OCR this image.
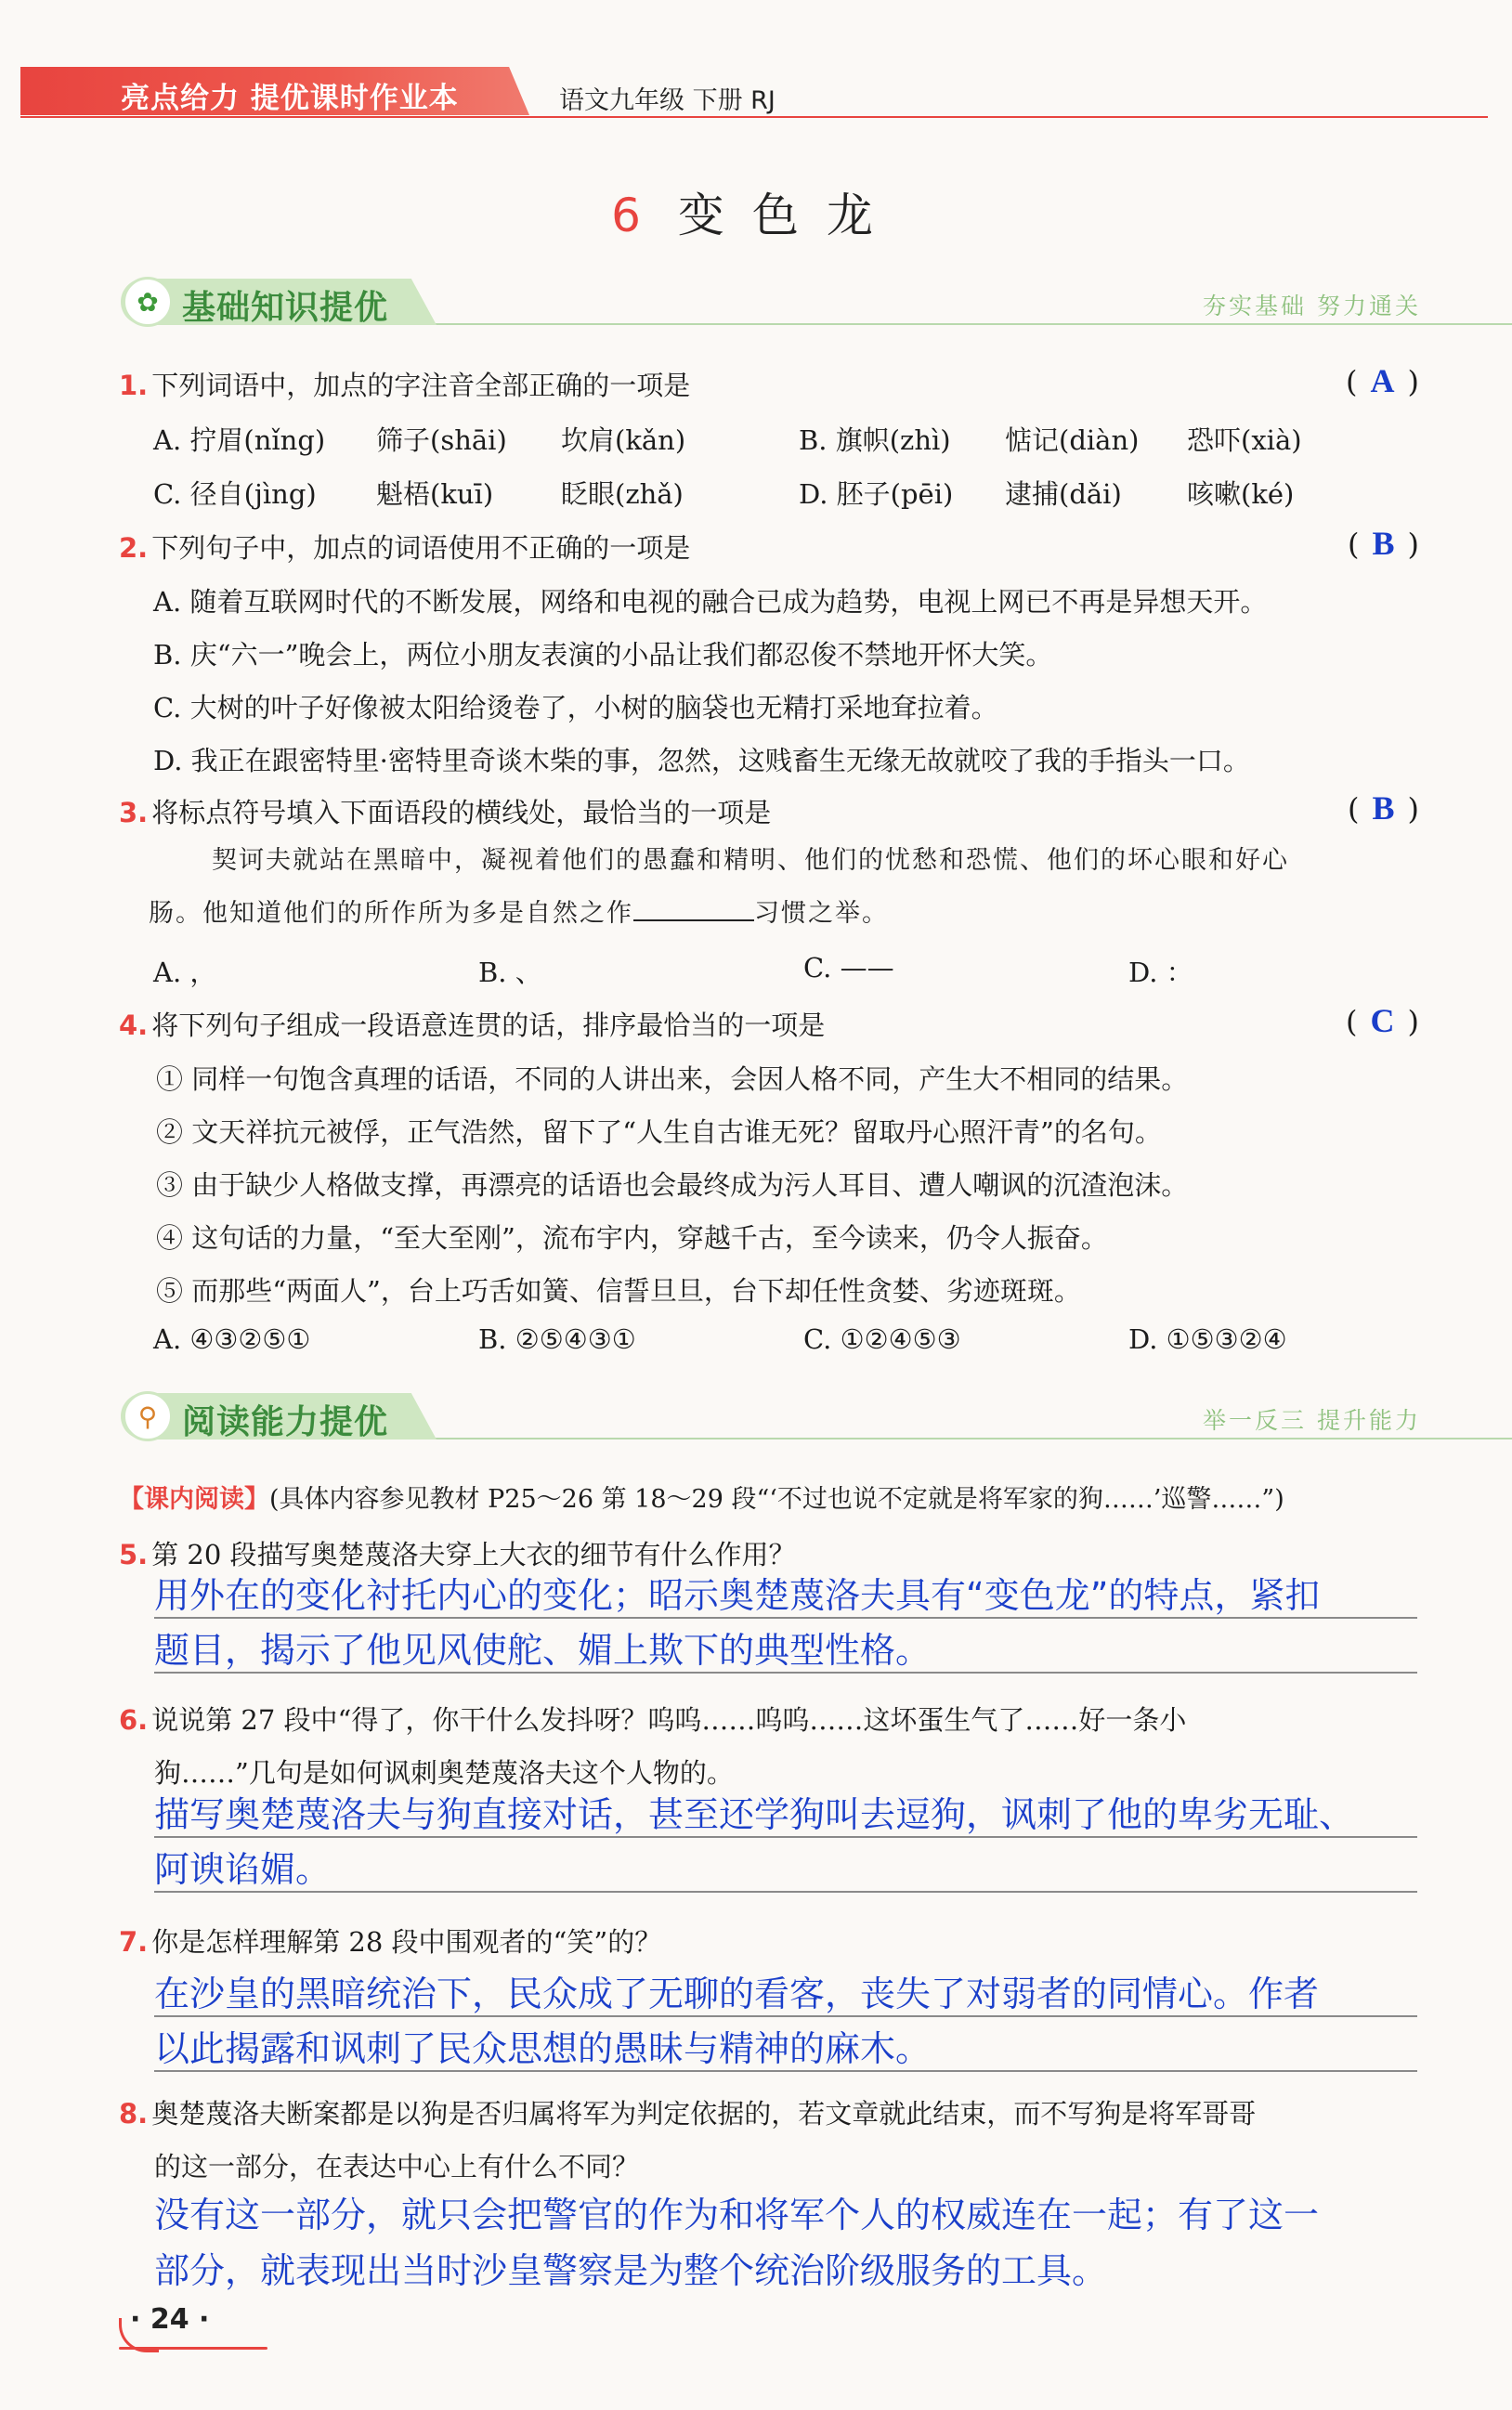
亮点给力 提优课时作业本	语文九年级 下册 RJ
6 变色龙
✿ 基础知识提优	夯实基础 努力通关
1. 下列词语中，加点的字注音全部正确的一项是	( A )
A. 拧眉(nǐng) 筛子(shāi) 坎肩(kǎn)	B. 旗帜(zhì) 惦记(diàn) 恐吓(xià)
C. 径自(jìng) 魁梧(kuī)	眨眼(zhǎ)	D. 胚子(pēi) 逮捕(dǎi) 咳嗽(ké)
2. 下列句子中，加点的词语使用不正确的一项是	( B )
A. 随着互联网时代的不断发展，网络和电视的融合已成为趋势，电视上网已不再是异想天开。
B. 庆“六一”晚会上，两位小朋友表演的小品让我们都忍俊不禁地开怀大笑。
C. 大树的叶子好像被太阳给烫卷了，小树的脑袋也无精打采地耷拉着。
D. 我正在跟密特里·密特里奇谈木柴的事，忽然，这贱畜生无缘无故就咬了我的手指头一口。
3. 将标点符号填入下面语段的横线处，最恰当的一项是	( B )
契诃夫就站在黑暗中，凝视着他们的愚蠢和精明、他们的忧愁和恐慌、他们的坏心眼和好心
肠。他知道他们的所作所为多是自然之作	习惯之举。
A. ，	B. 、	C. ——	D. ：
4. 将下列句子组成一段语意连贯的话，排序最恰当的一项是	( C )
① 同样一句饱含真理的话语，不同的人讲出来，会因人格不同，产生大不相同的结果。
② 文天祥抗元被俘，正气浩然，留下了“人生自古谁无死？留取丹心照汗青”的名句。
③ 由于缺少人格做支撑，再漂亮的话语也会最终成为污人耳目、遭人嘲讽的沉渣泡沫。
④ 这句话的力量，“至大至刚”，流布宇内，穿越千古，至今读来，仍令人振奋。
⑤ 而那些“两面人”，台上巧舌如簧、信誓旦旦，台下却任性贪婪、劣迹斑斑。
A. ④③②⑤①	B. ②⑤④③①	C. ①②④⑤③	D. ①⑤③②④
⚲ 阅读能力提优	举一反三 提升能力
【课内阅读】(具体内容参见教材 P25～26 第 18～29 段“‘不过也说不定就是将军家的狗……’巡警……”)
5. 第 20 段描写奥楚蔑洛夫穿上大衣的细节有什么作用？
用外在的变化衬托内心的变化；昭示奥楚蔑洛夫具有“变色龙”的特点，紧扣
题目，揭示了他见风使舵、媚上欺下的典型性格。
6. 说说第 27 段中“得了，你干什么发抖呀？呜呜……呜呜……这坏蛋生气了……好一条小
狗……”几句是如何讽刺奥楚蔑洛夫这个人物的。
描写奥楚蔑洛夫与狗直接对话，甚至还学狗叫去逗狗，讽刺了他的卑劣无耻、
阿谀谄媚。
7. 你是怎样理解第 28 段中围观者的“笑”的？
在沙皇的黑暗统治下，民众成了无聊的看客，丧失了对弱者的同情心。作者
以此揭露和讽刺了民众思想的愚昧与精神的麻木。
8. 奥楚蔑洛夫断案都是以狗是否归属将军为判定依据的，若文章就此结束，而不写狗是将军哥哥
的这一部分，在表达中心上有什么不同？
没有这一部分，就只会把警官的作为和将军个人的权威连在一起；有了这一
部分，就表现出当时沙皇警察是为整个统治阶级服务的工具。
· 24 ·
